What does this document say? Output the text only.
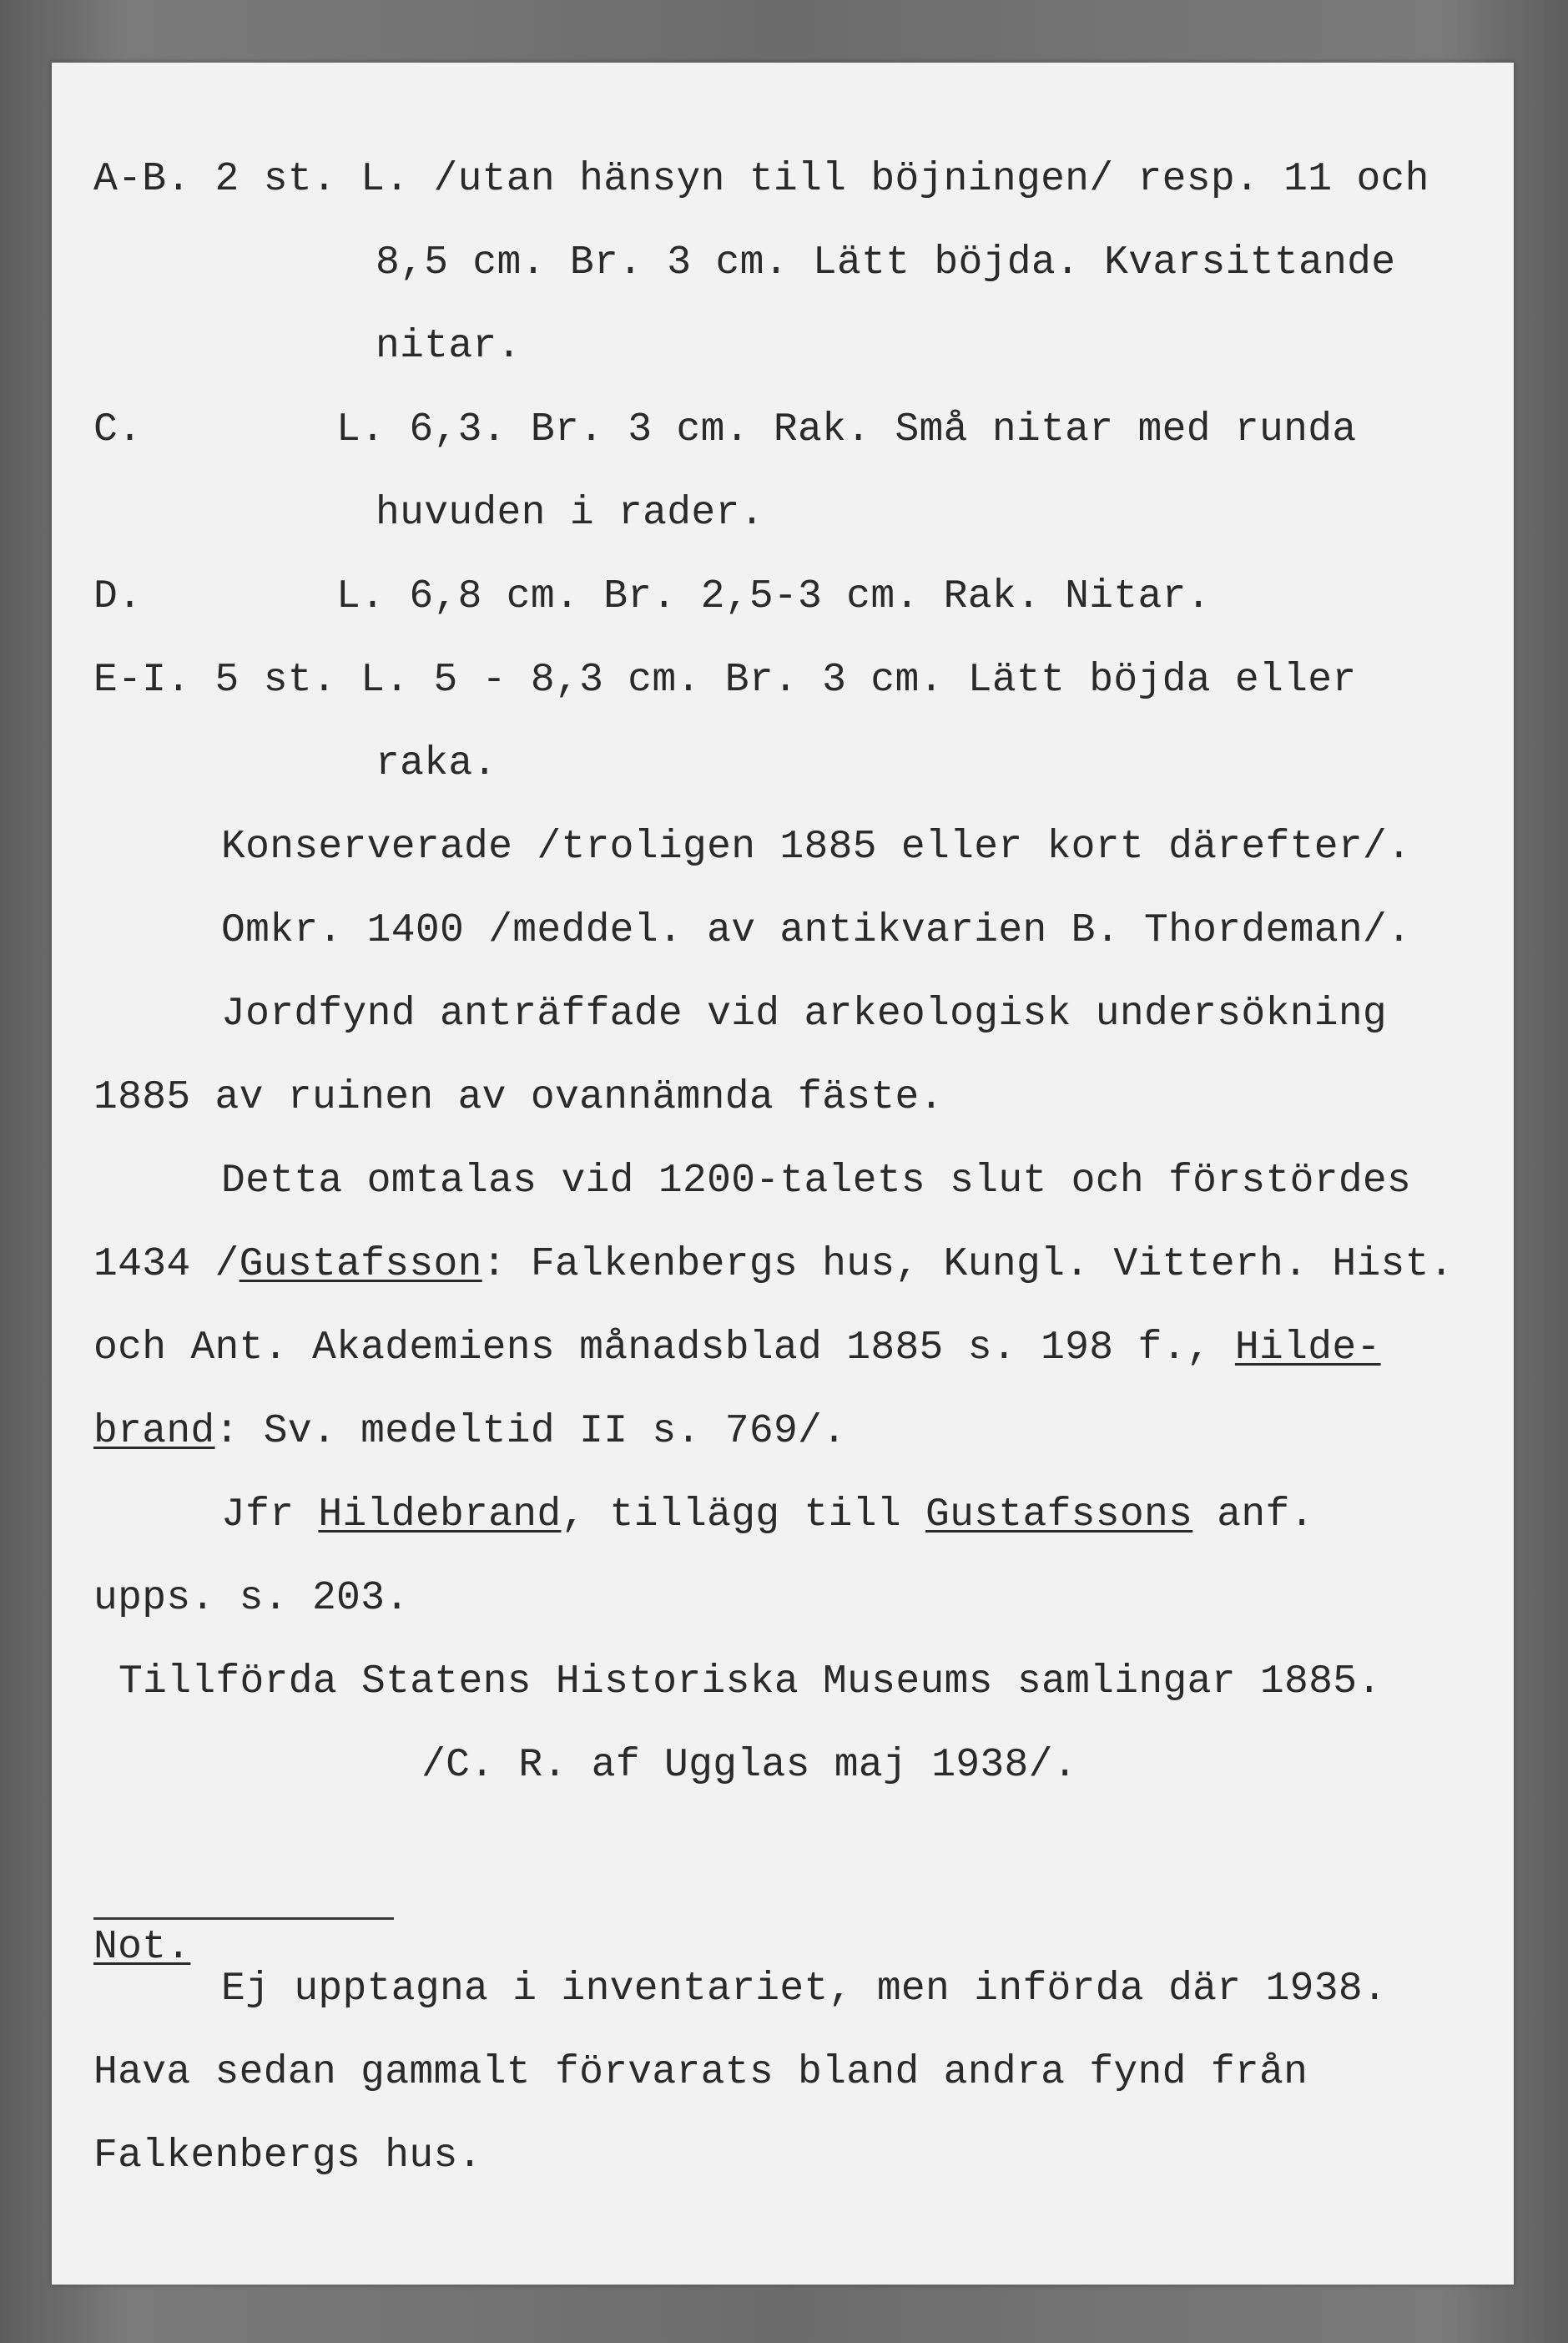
A-B. 2 st. L. /utan hänsyn till böjningen/ resp. 11 och
8,5 cm. Br. 3 cm. Lätt böjda. Kvarsittande
nitar.
C.        L. 6,3. Br. 3 cm. Rak. Små nitar med runda
huvuden i rader.
D.        L. 6,8 cm. Br. 2,5-3 cm. Rak. Nitar.
E-I. 5 st. L. 5 - 8,3 cm. Br. 3 cm. Lätt böjda eller
raka.
Konserverade /troligen 1885 eller kort därefter/.
Omkr. 1400 /meddel. av antikvarien B. Thordeman/.
Jordfynd anträffade vid arkeologisk undersökning
1885 av ruinen av ovannämnda fäste.
Detta omtalas vid 1200-talets slut och förstördes
1434 /Gustafsson: Falkenbergs hus, Kungl. Vitterh. Hist.
och Ant. Akademiens månadsblad 1885 s. 198 f., Hilde-
brand: Sv. medeltid II s. 769/.
Jfr Hildebrand, tillägg till Gustafssons anf.
upps. s. 203.
Tillförda Statens Historiska Museums samlingar 1885.
/C. R. af Ugglas maj 1938/.
Not.
Ej upptagna i inventariet, men införda där 1938.
Hava sedan gammalt förvarats bland andra fynd från
Falkenbergs hus.
